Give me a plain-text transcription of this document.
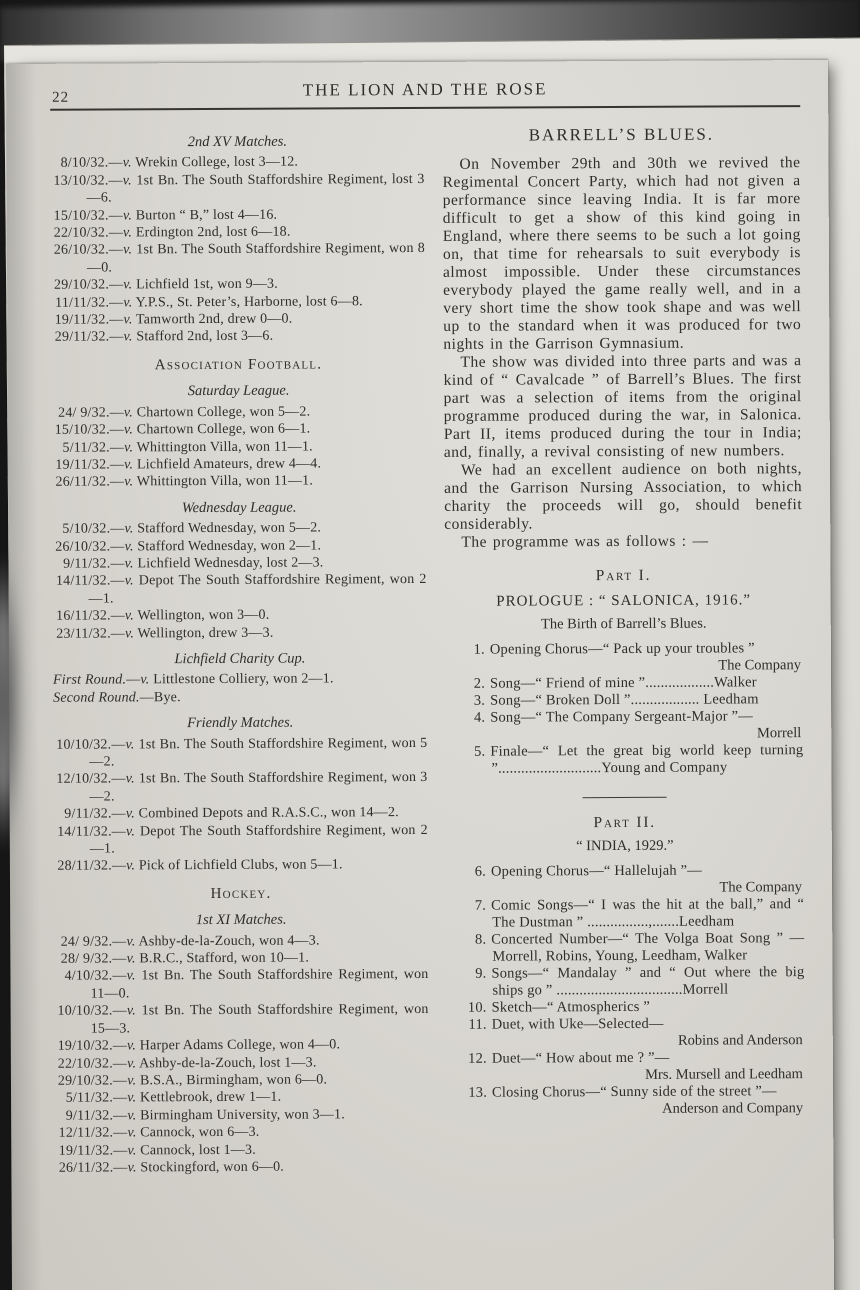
22	THE LION AND THE ROSE
2nd XV Matches.
8/10/32.—v. Wrekin College, lost 3—12.
13/10/32.—v. 1st Bn. The South Staffordshire Regiment, lost 3—6.
15/10/32.—v. Burton “ B,” lost 4—16.
22/10/32.—v. Erdington 2nd, lost 6—18.
26/10/32.—v. 1st Bn. The South Staffordshire Regiment, won 8—0.
29/10/32.—v. Lichfield 1st, won 9—3.
11/11/32.—v. Y.P.S., St. Peter’s, Harborne, lost 6—8.
19/11/32.—v. Tamworth 2nd, drew 0—0.
29/11/32.—v. Stafford 2nd, lost 3—6.
Association Football.
Saturday League.
24/ 9/32.—v. Chartown College, won 5—2.
15/10/32.—v. Chartown College, won 6—1.
5/11/32.—v. Whittington Villa, won 11—1.
19/11/32.—v. Lichfield Amateurs, drew 4—4.
26/11/32.—v. Whittington Villa, won 11—1.
Wednesday League.
5/10/32.—v. Stafford Wednesday, won 5—2.
26/10/32.—v. Stafford Wednesday, won 2—1.
9/11/32.—v. Lichfield Wednesday, lost 2—3.
14/11/32.—v. Depot The South Staffordshire Regiment, won 2—1.
16/11/32.—v. Wellington, won 3—0.
23/11/32.—v. Wellington, drew 3—3.
Lichfield Charity Cup.
First Round.—v. Littlestone Colliery, won 2—1.
Second Round.—Bye.
Friendly Matches.
10/10/32.—v. 1st Bn. The South Staffordshire Regiment, won 5—2.
12/10/32.—v. 1st Bn. The South Staffordshire Regiment, won 3—2.
9/11/32.—v. Combined Depots and R.A.S.C., won 14—2.
14/11/32.—v. Depot The South Staffordshire Regiment, won 2—1.
28/11/32.—v. Pick of Lichfield Clubs, won 5—1.
Hockey.
1st XI Matches.
24/ 9/32.—v. Ashby-de-la-Zouch, won 4—3.
28/ 9/32.—v. B.R.C., Stafford, won 10—1.
4/10/32.—v. 1st Bn. The South Staffordshire Regiment, won 11—0.
10/10/32.—v. 1st Bn. The South Staffordshire Regiment, won 15—3.
19/10/32.—v. Harper Adams College, won 4—0.
22/10/32.—v. Ashby-de-la-Zouch, lost 1—3.
29/10/32.—v. B.S.A., Birmingham, won 6—0.
5/11/32.—v. Kettlebrook, drew 1—1.
9/11/32.—v. Birmingham University, won 3—1.
12/11/32.—v. Cannock, won 6—3.
19/11/32.—v. Cannock, lost 1—3.
26/11/32.—v. Stockingford, won 6—0.
BARRELL’S BLUES.

On November 29th and 30th we revived the Regimental Concert Party, which had not given a performance since leaving India. It is far more difficult to get a show of this kind going in England, where there seems to be such a lot going on, that time for rehearsals to suit everybody is almost impossible. Under these circumstances everybody played the game really well, and in a very short time the show took shape and was well up to the standard when it was produced for two nights in the Garrison Gymnasium.

The show was divided into three parts and was a kind of “ Cavalcade ” of Barrell’s Blues. The first part was a selection of items from the original programme produced during the war, in Salonica. Part II, items produced during the tour in India; and, finally, a revival consisting of new numbers.

We had an excellent audience on both nights, and the Garrison Nursing Association, to which charity the proceeds will go, should benefit considerably.

The programme was as follows : —

Part I.
PROLOGUE : “ SALONICA, 1916.”
The Birth of Barrell’s Blues.
1. Opening Chorus—“ Pack up your troubles ”
The Company
2. Song—“ Friend of mine ”..................Walker
3. Song—“ Broken Doll ”.................. Leedham
4. Song—“ The Company Sergeant-Major ”—
Morrell
5. Finale—“ Let the great big world keep turning ”...........................Young and Company
Part II.
“ INDIA, 1929.”
6. Opening Chorus—“ Hallelujah ”—
The Company
7. Comic Songs—“ I was the hit at the ball,” and “ The Dustman ” ................,.......Leedham
8. Concerted Number—“ The Volga Boat Song ” —Morrell, Robins, Young, Leedham, Walker
9. Songs—“ Mandalay ” and “ Out where the big ships go ” .................................Morrell
10. Sketch—“ Atmospherics ”
11. Duet, with Uke—Selected—
Robins and Anderson
12. Duet—“ How about me ? ”—
Mrs. Mursell and Leedham
13. Closing Chorus—“ Sunny side of the street ”—
Anderson and Company
